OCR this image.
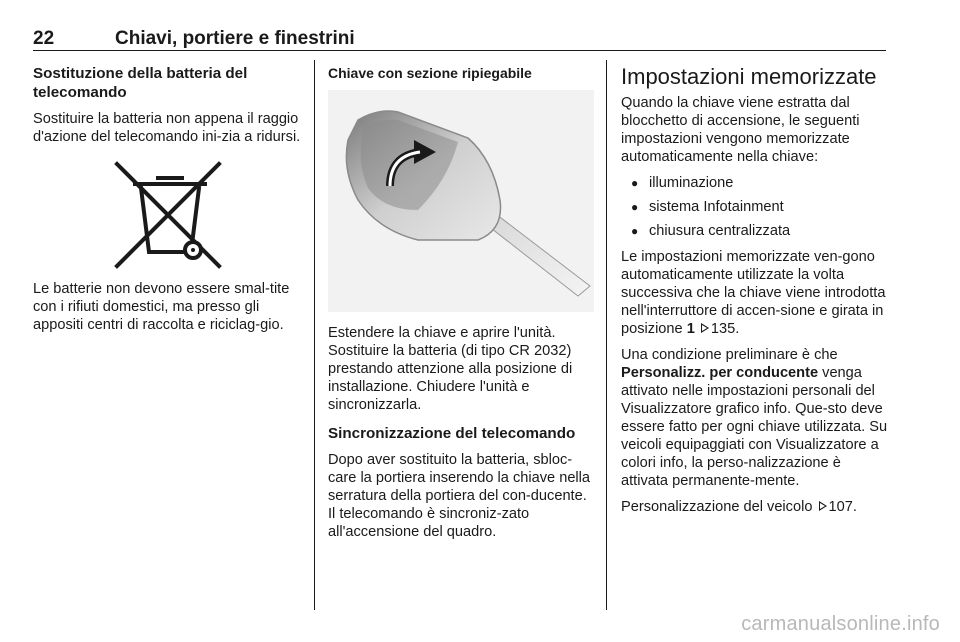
22	Chiavi, portiere e finestrini
Sostituzione della batteria del telecomando

Sostituire la batteria non appena il raggio d'azione del telecomando ini-zia a ridursi.

Le batterie non devono essere smal-tite con i rifiuti domestici, ma presso gli appositi centri di raccolta e riciclag-gio.

Chiave con sezione ripiegabile

Estendere la chiave e aprire l'unità. Sostituire la batteria (di tipo CR 2032) prestando attenzione alla posizione di installazione. Chiudere l'unità e sincronizzarla.

Sincronizzazione del telecomando

Dopo aver sostituito la batteria, sbloc-care la portiera inserendo la chiave nella serratura della portiera del con-ducente. Il telecomando è sincroniz-zato all'accensione del quadro.

Impostazioni memorizzate

Quando la chiave viene estratta dal blocchetto di accensione, le seguenti impostazioni vengono memorizzate automaticamente nella chiave:

● illuminazione
● sistema Infotainment
● chiusura centralizzata

Le impostazioni memorizzate ven-gono automaticamente utilizzate la volta successiva che la chiave viene introdotta nell'interruttore di accen-sione e girata in posizione 1 135.

Una condizione preliminare è che Personalizz. per conducente venga attivato nelle impostazioni personali del Visualizzatore grafico info. Que-sto deve essere fatto per ogni chiave utilizzata. Su veicoli equipaggiati con Visualizzatore a colori info, la perso-nalizzazione è attivata permanente-mente.

Personalizzazione del veicolo 107.

carmanualsonline.info
